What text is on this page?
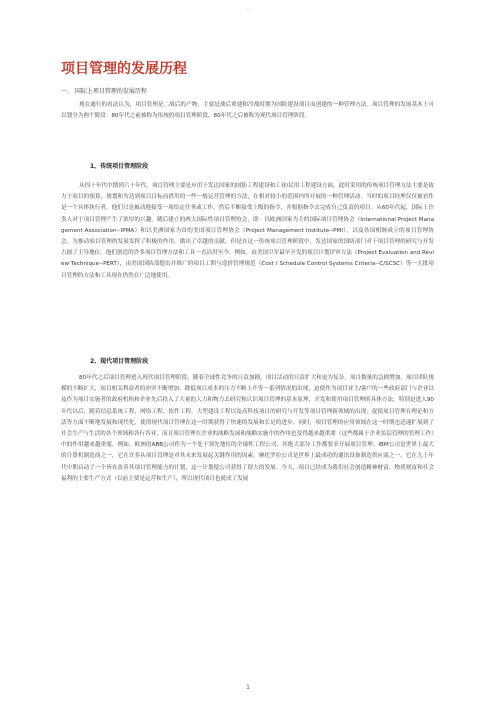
.
项目管理的发展历程

一、 国际上项目管理的发展历程

现在通行的看法认为，项目管理是二战后的产物，主要是战后重建和冷战时期为国防建设项目而创建的一种管理方法。项目管理的发展基本上可以划分为两个阶段：80年代之前被称为传统的项目管理阶段，80年代之后被称为现代项目管理阶段。

1、传统项目管理阶段

从四十年代中期到六十年代，项目管理主要是应用于发达国家的国防工程建设和工业/民用工程建设方面。此时采用的传统项目管理方法主要是致力于项目的预算、规划和为达到项目目标而借用的一些一般运营管理的方法，在相对较小的范围内所开展的一种管理活动。当时的项目经理仅仅被看作是一个具体执行者，他们只是被动地接受一项给定任务或工作，然后不断接受上级的指令，并根据指令去完成自己负责的项目。从60年代起，国际上许多人对于项目管理产生了浓厚的兴趣。随后建立的两大国际性项目管理协会，即：以欧洲国家为主的国际项目管理协会（International Project Management Association--IPMA）和以美洲国家为首的美国项目管理协会（Project Management Institute--PMI），以及各国相继成立的项目管理协会，为推动项目管理的发展发挥了积极的作用，做出了卓越的贡献。但是在这一传统项目管理阶段中，发达国家的国防部门对于项目管理的研究与开发占据了主导地位，他们创造的许多项目管理方法和工具一直沿用至今。例如，由美国空军最早开发的项目计划评审方法（Project Evaluation and Review Technique--PERT），由美国国防部提出并推广的项目工期与造价管理规范（Cost / Schedule Control Systems Criteria--C/SCSC）等一大批项目管理的方法和工具现在仍然在广泛地使用。

2、现代项目管理阶段

80年代之后项目管理进入现代项目管理阶段，随着全球性竞争的日益加剧，项目活动的日益扩大和更为复杂，项目数量的急剧增加，项目团队规模的不断扩大，项目相关利益者的冲突不断增加，降低项目成本的压力不断上升等一系列情况的出现，迫使作为项目业主/客户的一些政府部门与企业以及作为项目实施者的政府机构和企业先后投入了大量的人力和物力去研究和认识项目管理的基本原理，开发和使用项目管理的具体方法。特别是进入90年代以后，随着信息系统工程、网络工程、软件工程、大型建设工程以及高科技项目的研究与开发等项目管理新领域的出现，促使项目管理在理论和方法等方面不断地发展和现代化，使得现代项目管理在这一时期获得了快速的发展和长足的进步。同时，项目管理的应用领域在这一时期也迅速扩展到了社会生产与生活的各个领域和各行各业，而且项目管理在企业的战略发展和战略实施中的作用也变得越来越重要（这些都属于企业负层管理的管理工作）中的作用越来越重要。例如，欧洲的ABB公司作为一个处于领先地位的全球性工程公司，其绝大部分工作都要求开展项目管理；IBM公司是世界上最大的计算机制造商之一，它在许多从项目管理是对其未来发展起关键作用的因素，摩托罗拉公司是世界上最成功的通讯设备制造供应商之一，它在九十年代中期启动了一个旨在改善其项目管理能力的计划，这一计划使公司获得了很大的发展。今天，项目已经成为我们社会创造精神财富、物质财富和社会福利的主要生产方式（以前主要是运营和生产），所以现代项目也就成了发展

1
